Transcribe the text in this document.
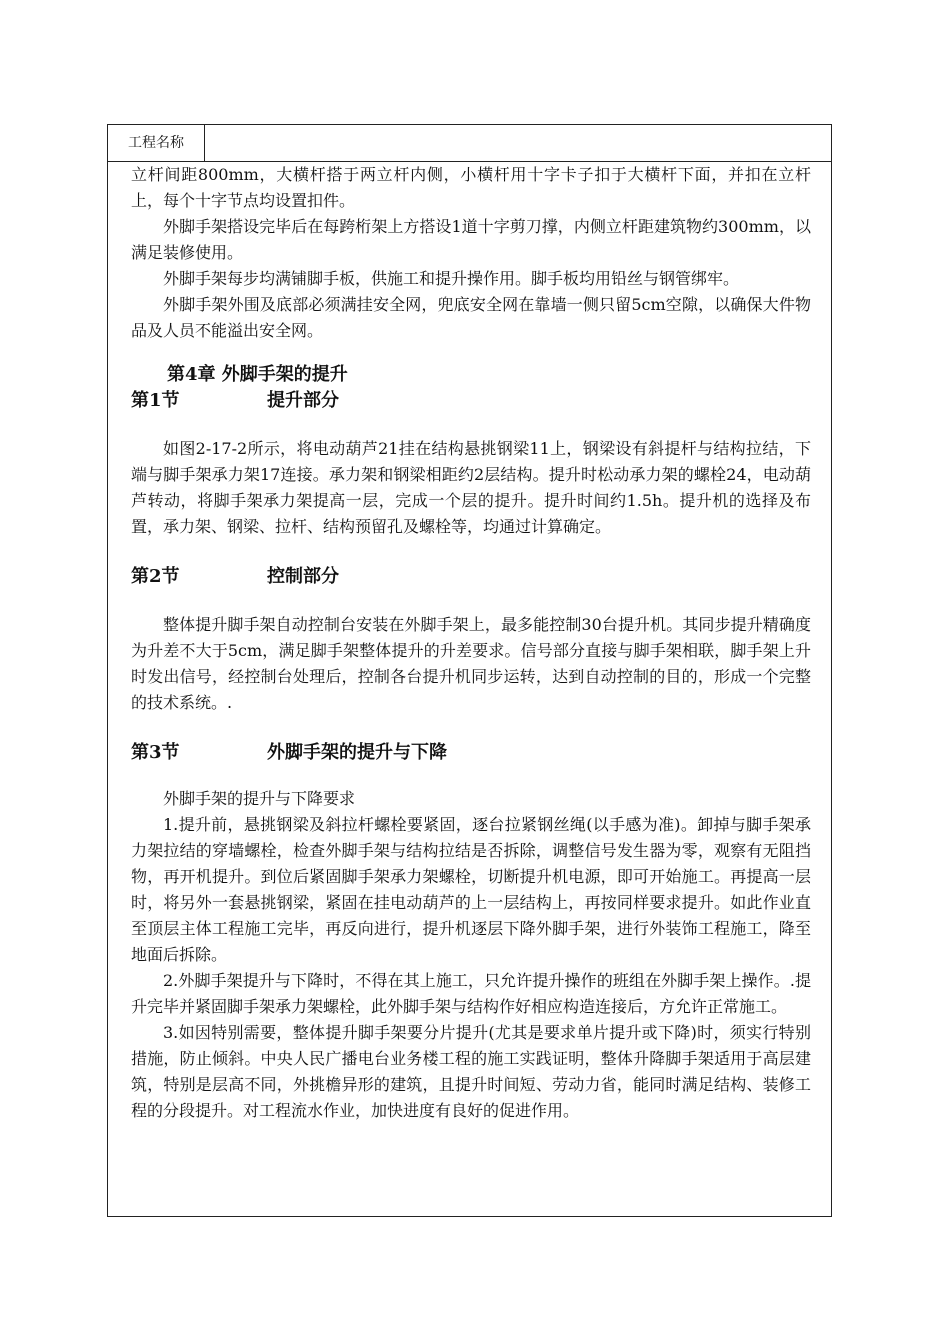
工程名称

立杆间距800mm，大横杆搭于两立杆内侧，小横杆用十字卡子扣于大横杆下面，并扣在立杆上，每个十字节点均设置扣件。

外脚手架搭设完毕后在每跨桁架上方搭设1道十字剪刀撑，内侧立杆距建筑物约300mm，以满足装修使用。

外脚手架每步均满铺脚手板，供施工和提升操作用。脚手板均用铅丝与钢管绑牢。

外脚手架外围及底部必须满挂安全网，兜底安全网在靠墙一侧只留5cm空隙，以确保大件物品及人员不能溢出安全网。

第4章 外脚手架的提升
第1节	提升部分

如图2-17-2所示，将电动葫芦21挂在结构悬挑钢梁11上，钢梁设有斜提杆与结构拉结，下端与脚手架承力架17连接。承力架和钢梁相距约2层结构。提升时松动承力架的螺栓24，电动葫芦转动，将脚手架承力架提高一层，完成一个层的提升。提升时间约1.5h。提升机的选择及布置，承力架、钢梁、拉杆、结构预留孔及螺栓等，均通过计算确定。

第2节	控制部分

整体提升脚手架自动控制台安装在外脚手架上，最多能控制30台提升机。其同步提升精确度为升差不大于5cm，满足脚手架整体提升的升差要求。信号部分直接与脚手架相联，脚手架上升时发出信号，经控制台处理后，控制各台提升机同步运转，达到自动控制的目的，形成一个完整的技术系统。.

第3节	外脚手架的提升与下降

外脚手架的提升与下降要求

1.提升前，悬挑钢梁及斜拉杆螺栓要紧固，逐台拉紧钢丝绳(以手感为准)。卸掉与脚手架承力架拉结的穿墙螺栓，检查外脚手架与结构拉结是否拆除，调整信号发生器为零，观察有无阻挡物，再开机提升。到位后紧固脚手架承力架螺栓，切断提升机电源，即可开始施工。再提高一层时，将另外一套悬挑钢梁，紧固在挂电动葫芦的上一层结构上，再按同样要求提升。如此作业直至顶层主体工程施工完毕，再反向进行，提升机逐层下降外脚手架，进行外装饰工程施工，降至地面后拆除。

2.外脚手架提升与下降时，不得在其上施工，只允许提升操作的班组在外脚手架上操作。.提升完毕并紧固脚手架承力架螺栓，此外脚手架与结构作好相应构造连接后，方允许正常施工。

3.如因特别需要，整体提升脚手架要分片提升(尤其是要求单片提升或下降)时，须实行特别措施，防止倾斜。中央人民广播电台业务楼工程的施工实践证明，整体升降脚手架适用于高层建筑，特别是层高不同，外挑檐异形的建筑，且提升时间短、劳动力省，能同时满足结构、装修工程的分段提升。对工程流水作业，加快进度有良好的促进作用。
